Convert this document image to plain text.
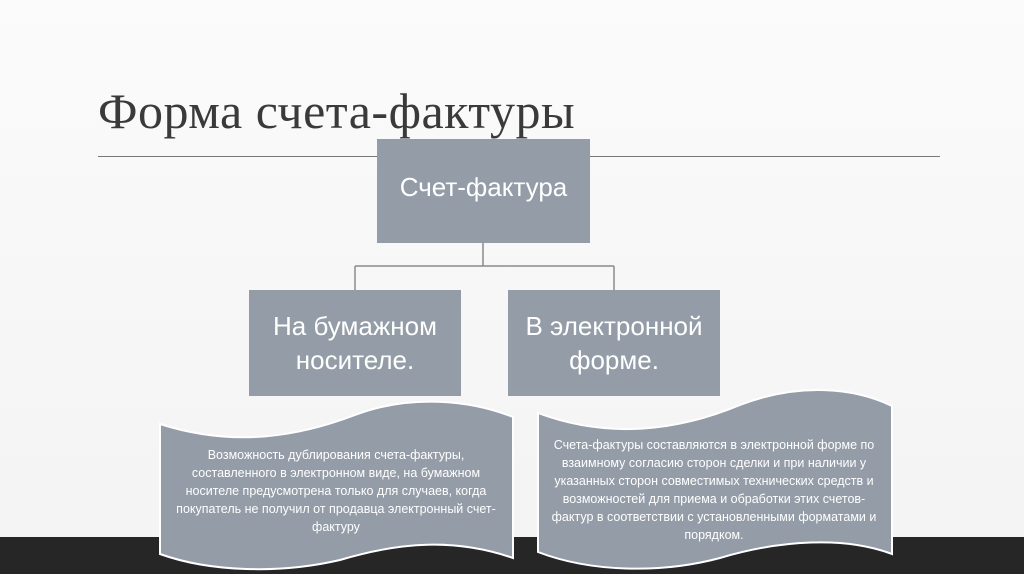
Форма счета-фактуры
Счет-фактура
На бумажном носителе.
В электронной форме.
Возможность дублирования счета-фактуры, составленного в электронном виде, на бумажном носителе предусмотрена только для случаев, когда покупатель не получил от продавца электронный счет-фактуру
Счета-фактуры составляются в электронной форме по взаимному согласию сторон сделки и при наличии у указанных сторон совместимых технических средств и возможностей для приема и обработки этих счетов-фактур в соответствии с установленными форматами и порядком.
